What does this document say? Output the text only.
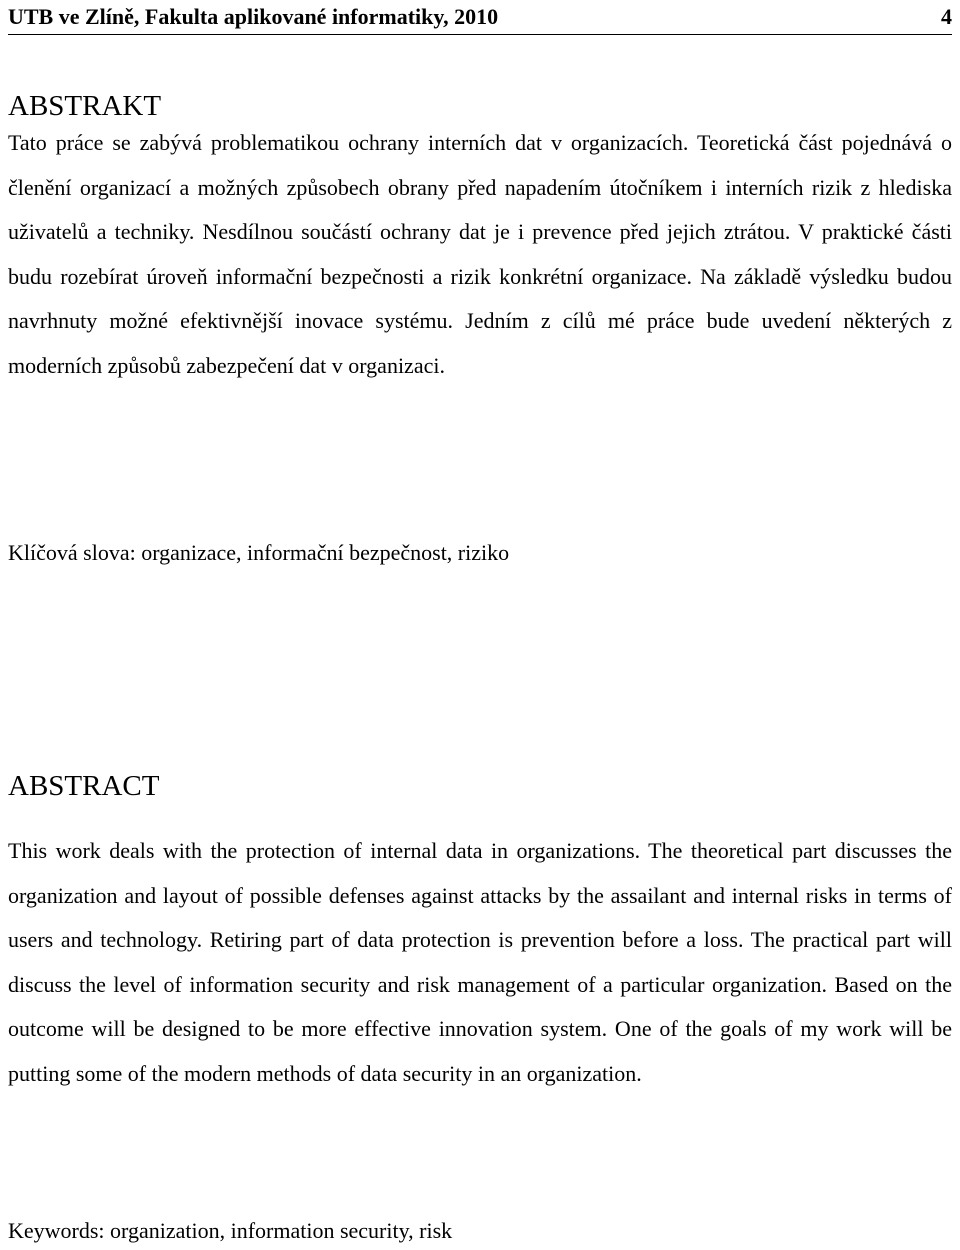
UTB ve Zlíně, Fakulta aplikované informatiky, 2010	4
ABSTRAKT

Tato práce se zabývá problematikou ochrany interních dat v organizacích. Teoretická část pojednává o členění organizací a možných způsobech obrany před napadením útočníkem i interních rizik z hlediska uživatelů a techniky. Nesdílnou součástí ochrany dat je i prevence před jejich ztrátou. V praktické části budu rozebírat úroveň informační bezpečnosti a rizik konkrétní organizace. Na základě výsledku budou navrhnuty možné efektivnější inovace systému. Jedním z cílů mé práce bude uvedení některých z moderních způsobů zabezpečení dat v organizaci.

Klíčová slova: organizace, informační bezpečnost, riziko

ABSTRACT

This work deals with the protection of internal data in organizations. The theoretical part discusses the organization and layout of possible defenses against attacks by the assailant and internal risks in terms of users and technology. Retiring part of data protection is prevention before a loss. The practical part will discuss the level of information security and risk management of a particular organization. Based on the outcome will be designed to be more effective innovation system. One of the goals of my work will be putting some of the modern methods of data security in an organization.

Keywords: organization, information security, risk
